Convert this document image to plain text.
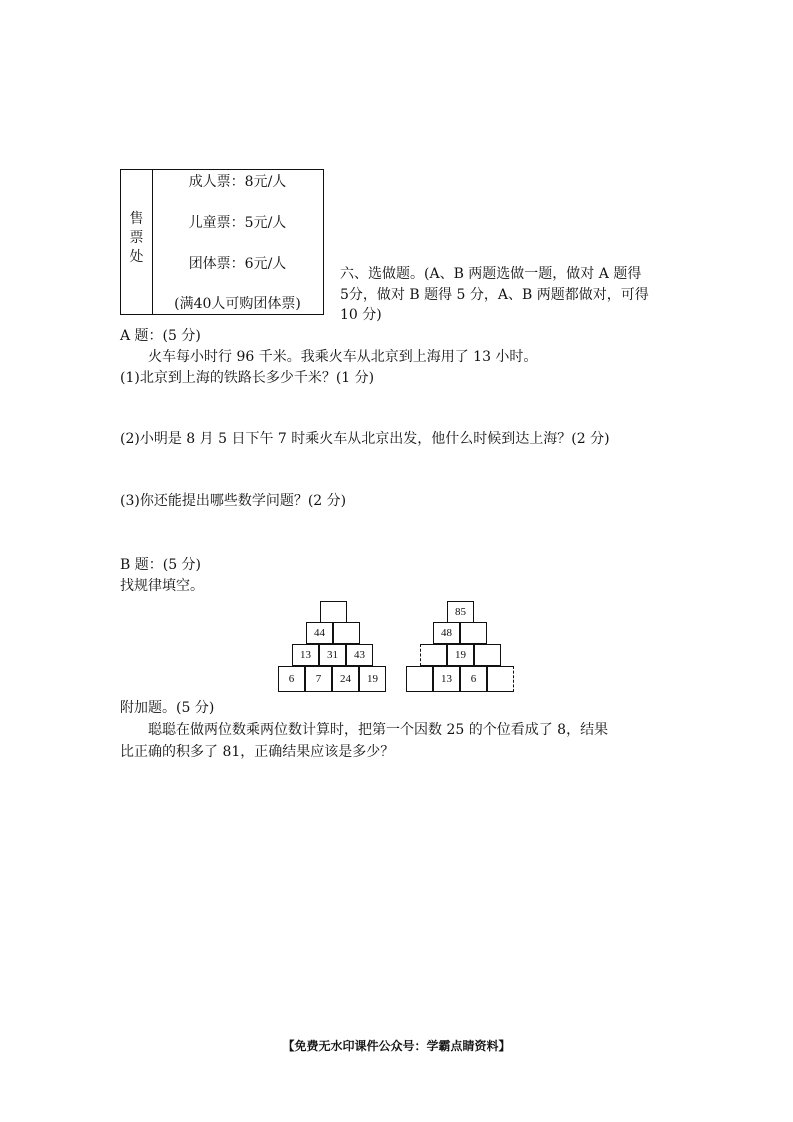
售
票
处
成人票：8元/人
儿童票：5元/人
团体票：6元/人
(满40人可购团体票)
六、选做题。(A、B 两题选做一题，做对 A 题得
5分，做对 B 题得 5 分，A、B 两题都做对，可得
10 分)
A 题：(5 分)
火车每小时行 96 千米。我乘火车从北京到上海用了 13 小时。
(1)北京到上海的铁路长多少千米？(1 分)
(2)小明是 8 月 5 日下午 7 时乘火车从北京出发，他什么时候到达上海？(2 分)
(3)你还能提出哪些数学问题？(2 分)
B 题：(5 分)
找规律填空。
44
13	31	43
6	7	24	19
85
48
19
13	6
附加题。(5 分)
聪聪在做两位数乘两位数计算时，把第一个因数 25 的个位看成了 8，结果
比正确的积多了 81，正确结果应该是多少？
【免费无水印课件公众号：学霸点睛资料】
